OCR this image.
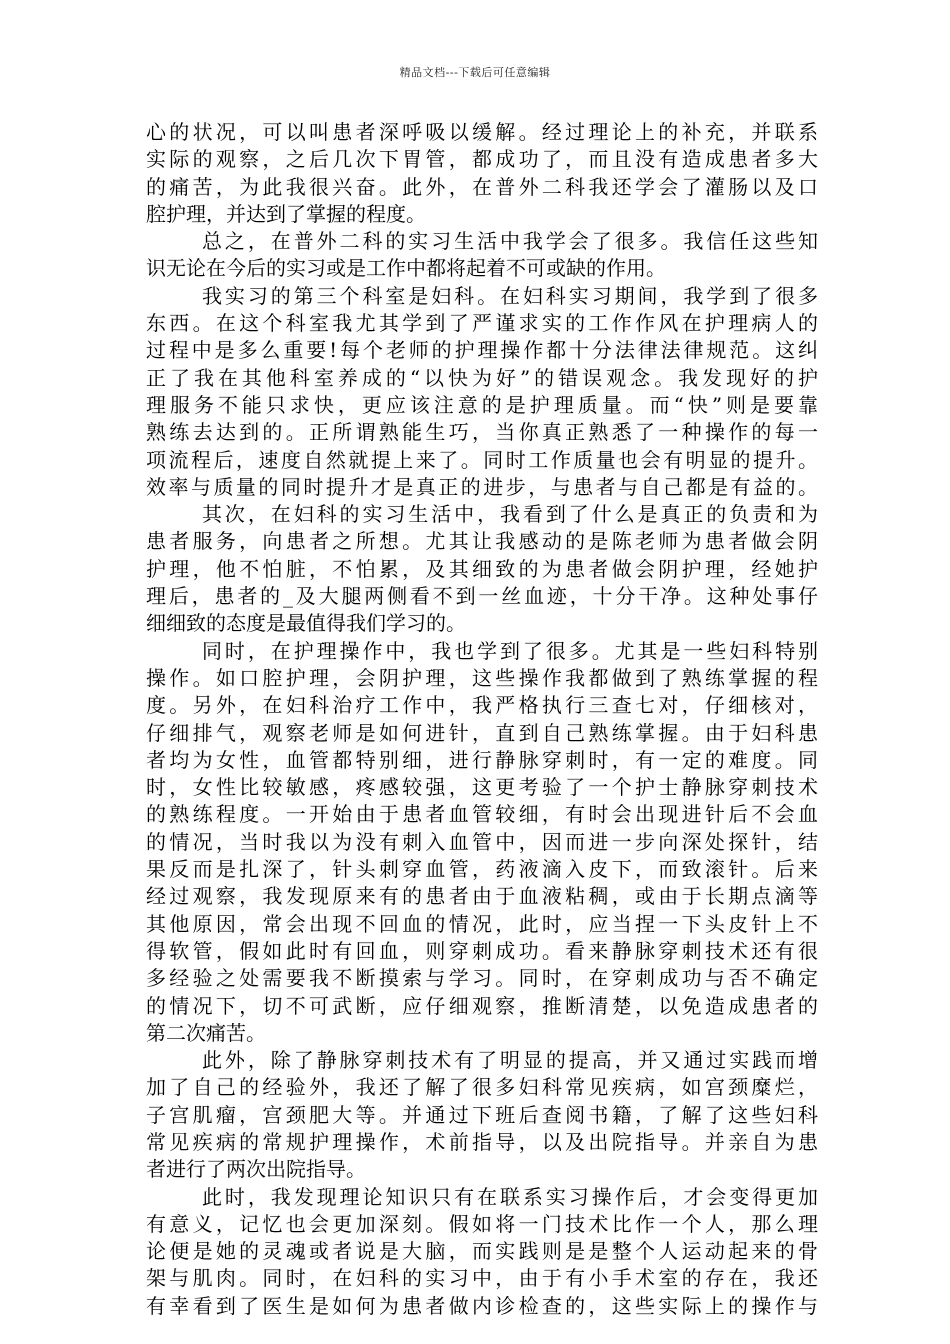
精品文档---下载后可任意编辑
心的状况，可以叫患者深呼吸以缓解。经过理论上的补充，并联系
实际的观察，之后几次下胃管，都成功了，而且没有造成患者多大
的痛苦，为此我很兴奋。此外，在普外二科我还学会了灌肠以及口
腔护理，并达到了掌握的程度。
总之，在普外二科的实习生活中我学会了很多。我信任这些知
识无论在今后的实习或是工作中都将起着不可或缺的作用。
我实习的第三个科室是妇科。在妇科实习期间，我学到了很多
东西。在这个科室我尤其学到了严谨求实的工作作风在护理病人的
过程中是多么重要!每个老师的护理操作都十分法律法律规范。这纠
正了我在其他科室养成的“以快为好”的错误观念。我发现好的护
理服务不能只求快，更应该注意的是护理质量。而“快”则是要靠
熟练去达到的。正所谓熟能生巧，当你真正熟悉了一种操作的每一
项流程后，速度自然就提上来了。同时工作质量也会有明显的提升。
效率与质量的同时提升才是真正的进步，与患者与自己都是有益的。
其次，在妇科的实习生活中，我看到了什么是真正的负责和为
患者服务，向患者之所想。尤其让我感动的是陈老师为患者做会阴
护理，他不怕脏，不怕累，及其细致的为患者做会阴护理，经她护
理后，患者的_及大腿两侧看不到一丝血迹，十分干净。这种处事仔
细细致的态度是最值得我们学习的。
同时，在护理操作中，我也学到了很多。尤其是一些妇科特别
操作。如口腔护理，会阴护理，这些操作我都做到了熟练掌握的程
度。另外，在妇科治疗工作中，我严格执行三查七对，仔细核对，
仔细排气，观察老师是如何进针，直到自己熟练掌握。由于妇科患
者均为女性，血管都特别细，进行静脉穿刺时，有一定的难度。同
时，女性比较敏感，疼感较强，这更考验了一个护士静脉穿刺技术
的熟练程度。一开始由于患者血管较细，有时会出现进针后不会血
的情况，当时我以为没有刺入血管中，因而进一步向深处探针，结
果反而是扎深了，针头刺穿血管，药液滴入皮下，而致滚针。后来
经过观察，我发现原来有的患者由于血液粘稠，或由于长期点滴等
其他原因，常会出现不回血的情况，此时，应当捏一下头皮针上不
得软管，假如此时有回血，则穿刺成功。看来静脉穿刺技术还有很
多经验之处需要我不断摸索与学习。同时，在穿刺成功与否不确定
的情况下，切不可武断，应仔细观察，推断清楚，以免造成患者的
第二次痛苦。
此外，除了静脉穿刺技术有了明显的提高，并又通过实践而增
加了自己的经验外，我还了解了很多妇科常见疾病，如宫颈糜烂，
子宫肌瘤，宫颈肥大等。并通过下班后查阅书籍，了解了这些妇科
常见疾病的常规护理操作，术前指导，以及出院指导。并亲自为患
者进行了两次出院指导。
此时，我发现理论知识只有在联系实习操作后，才会变得更加
有意义，记忆也会更加深刻。假如将一门技术比作一个人，那么理
论便是她的灵魂或者说是大脑，而实践则是是整个人运动起来的骨
架与肌肉。同时，在妇科的实习中，由于有小手术室的存在，我还
有幸看到了医生是如何为患者做内诊检查的，这些实际上的操作与
